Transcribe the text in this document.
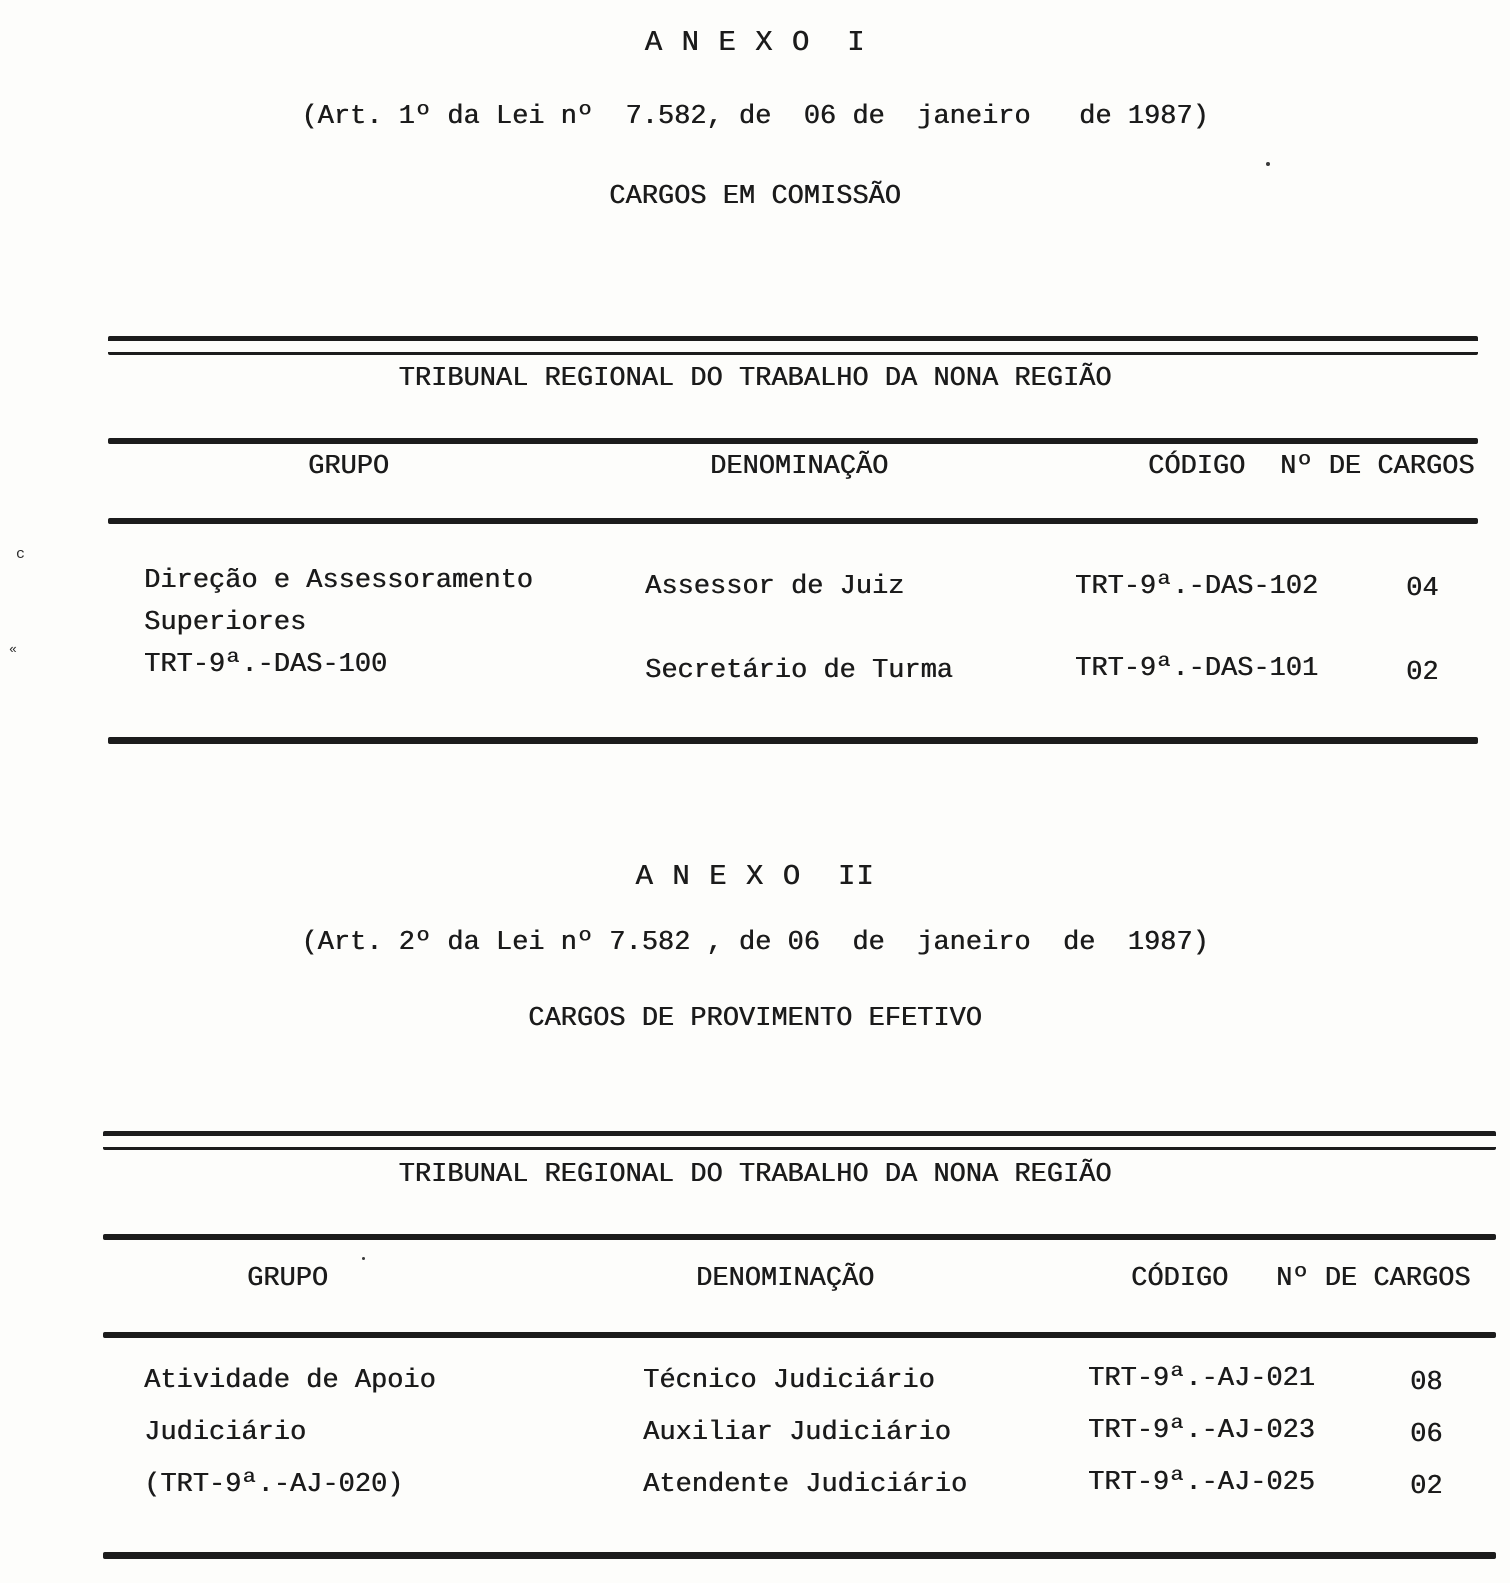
A N E X O  I
(Art. 1º da Lei nº  7.582, de  06 de  janeiro   de 1987)
CARGOS EM COMISSÃO
TRIBUNAL REGIONAL DO TRABALHO DA NONA REGIÃO
GRUPO	DENOMINAÇÃO	CÓDIGO Nº DE CARGOS
Direção e Assessoramento
Superiores
TRT-9ª.-DAS-100
Assessor de Juiz	TRT-9ª.-DAS-102	04
Secretário de Turma	TRT-9ª.-DAS-101	02
A N E X O  II
(Art. 2º da Lei nº 7.582 , de 06  de  janeiro  de  1987)
CARGOS DE PROVIMENTO EFETIVO
TRIBUNAL REGIONAL DO TRABALHO DA NONA REGIÃO
GRUPO	DENOMINAÇÃO	CÓDIGO Nº DE CARGOS
Atividade de Apoio
Judiciário
(TRT-9ª.-AJ-020)
Técnico Judiciário	TRT-9ª.-AJ-021	08
Auxiliar Judiciário	TRT-9ª.-AJ-023	06
Atendente Judiciário	TRT-9ª.-AJ-025	02
c
«
